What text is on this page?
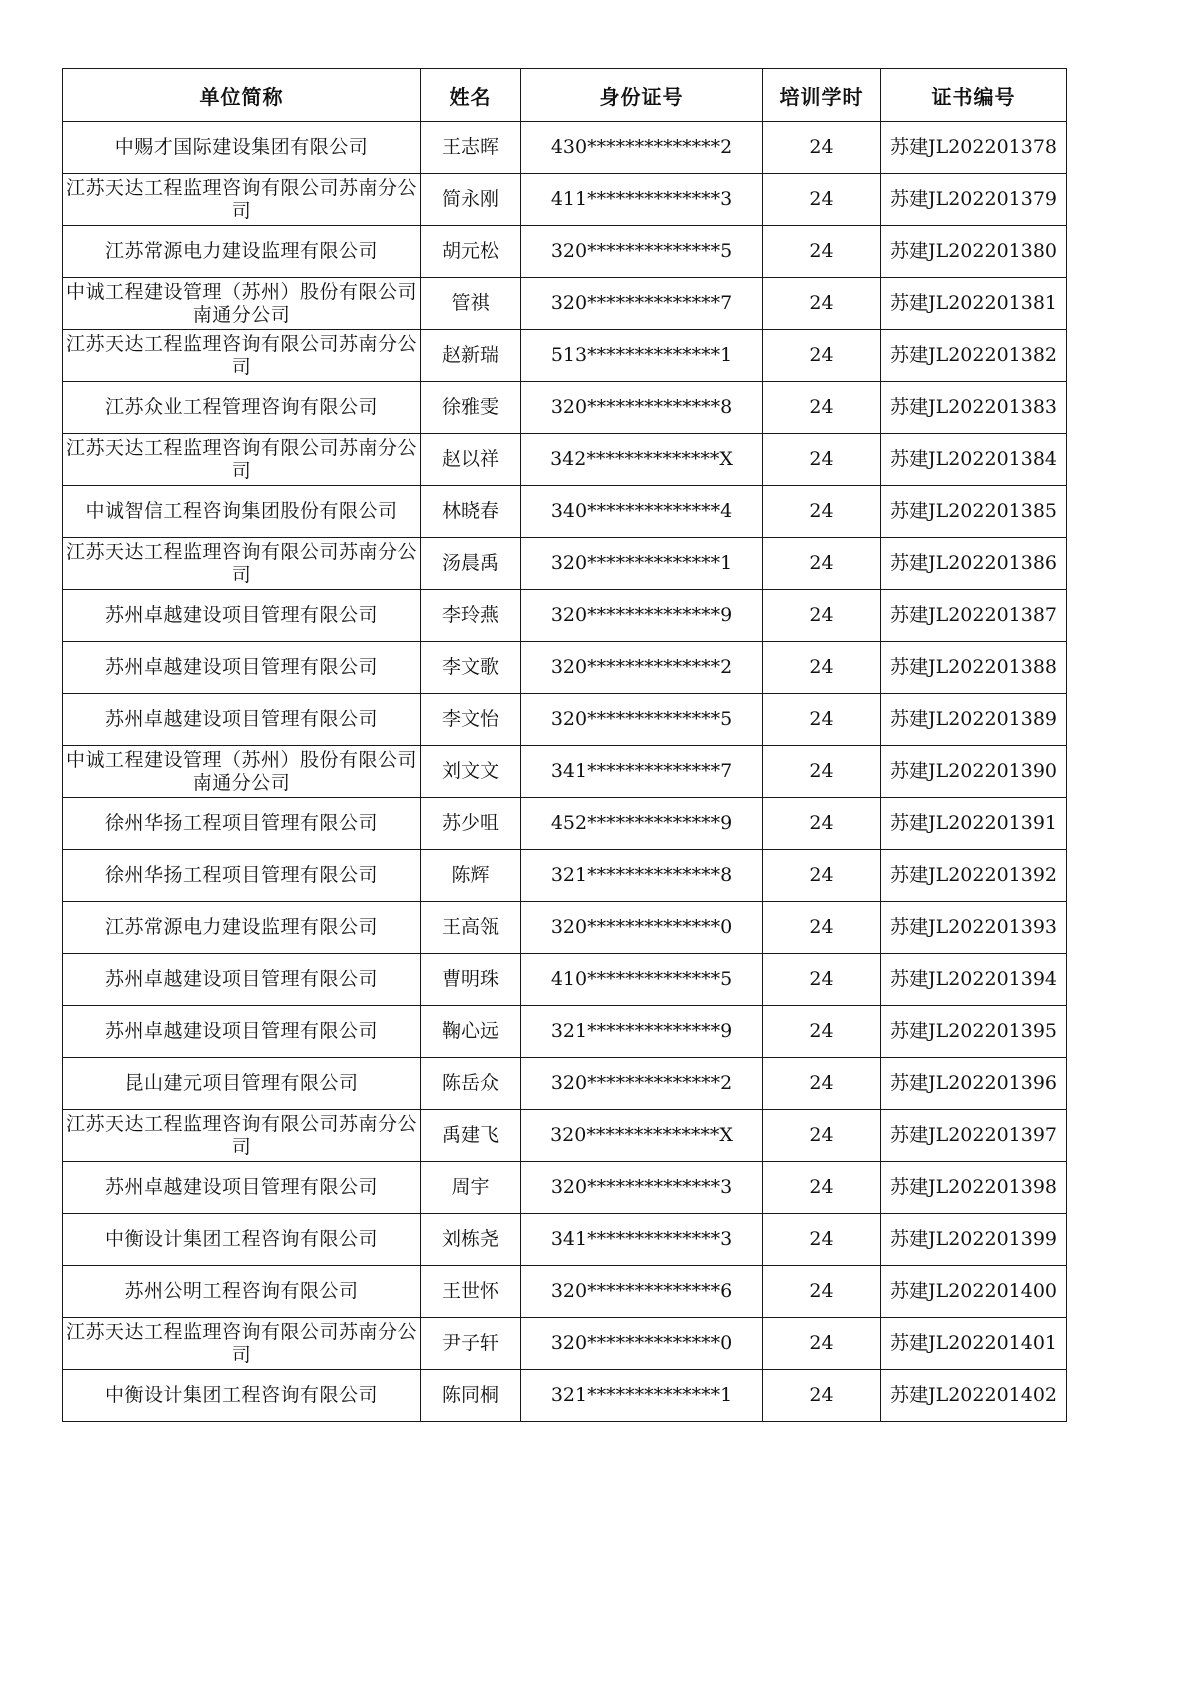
单位简称	姓名	身份证号	培训学时	证书编号
中赐才国际建设集团有限公司	王志晖	430**************2	24	苏建JL202201378
江苏天达工程监理咨询有限公司苏南分公司	简永刚	411**************3	24	苏建JL202201379
江苏常源电力建设监理有限公司	胡元松	320**************5	24	苏建JL202201380
中诚工程建设管理（苏州）股份有限公司南通分公司	管祺	320**************7	24	苏建JL202201381
江苏天达工程监理咨询有限公司苏南分公司	赵新瑞	513**************1	24	苏建JL202201382
江苏众业工程管理咨询有限公司	徐雅雯	320**************8	24	苏建JL202201383
江苏天达工程监理咨询有限公司苏南分公司	赵以祥	342**************X	24	苏建JL202201384
中诚智信工程咨询集团股份有限公司	林晓春	340**************4	24	苏建JL202201385
江苏天达工程监理咨询有限公司苏南分公司	汤晨禹	320**************1	24	苏建JL202201386
苏州卓越建设项目管理有限公司	李玲燕	320**************9	24	苏建JL202201387
苏州卓越建设项目管理有限公司	李文歌	320**************2	24	苏建JL202201388
苏州卓越建设项目管理有限公司	李文怡	320**************5	24	苏建JL202201389
中诚工程建设管理（苏州）股份有限公司南通分公司	刘文文	341**************7	24	苏建JL202201390
徐州华扬工程项目管理有限公司	苏少咀	452**************9	24	苏建JL202201391
徐州华扬工程项目管理有限公司	陈辉	321**************8	24	苏建JL202201392
江苏常源电力建设监理有限公司	王高瓴	320**************0	24	苏建JL202201393
苏州卓越建设项目管理有限公司	曹明珠	410**************5	24	苏建JL202201394
苏州卓越建设项目管理有限公司	鞠心远	321**************9	24	苏建JL202201395
昆山建元项目管理有限公司	陈岳众	320**************2	24	苏建JL202201396
江苏天达工程监理咨询有限公司苏南分公司	禹建飞	320**************X	24	苏建JL202201397
苏州卓越建设项目管理有限公司	周宇	320**************3	24	苏建JL202201398
中衡设计集团工程咨询有限公司	刘栋尧	341**************3	24	苏建JL202201399
苏州公明工程咨询有限公司	王世怀	320**************6	24	苏建JL202201400
江苏天达工程监理咨询有限公司苏南分公司	尹子轩	320**************0	24	苏建JL202201401
中衡设计集团工程咨询有限公司	陈同桐	321**************1	24	苏建JL202201402
